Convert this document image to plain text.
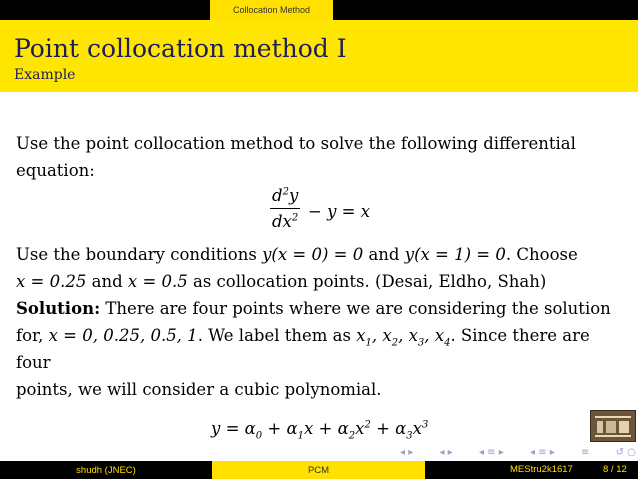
Collocation Method
Point collocation method I
Example

Use the point collocation method to solve the following differential

equation:

$\frac{d^2y}{dx^2} - y = x$

Use the boundary conditions y(x = 0) = 0 and y(x = 1) = 0. Choose

x = 0.25 and x = 0.5 as collocation points. (Desai, Eldho, Shah)

Solution: There are four points where we are considering the solution

for, x = 0, 0.25, 0.5, 1. We label them as $x_1$, $x_2$, $x_3$, $x_4$. Since there are four

points, we will consider a cubic polynomial.

$y = \alpha_0 + \alpha_1x + \alpha_2x^2 + \alpha_3x^3$

◂ ▸	◂ ▸	◂ ≡ ▸	◂ ≡ ▸	≡	↺ ○
shudh (JNEC)	PCM	MEStru2k1617	8 / 12
